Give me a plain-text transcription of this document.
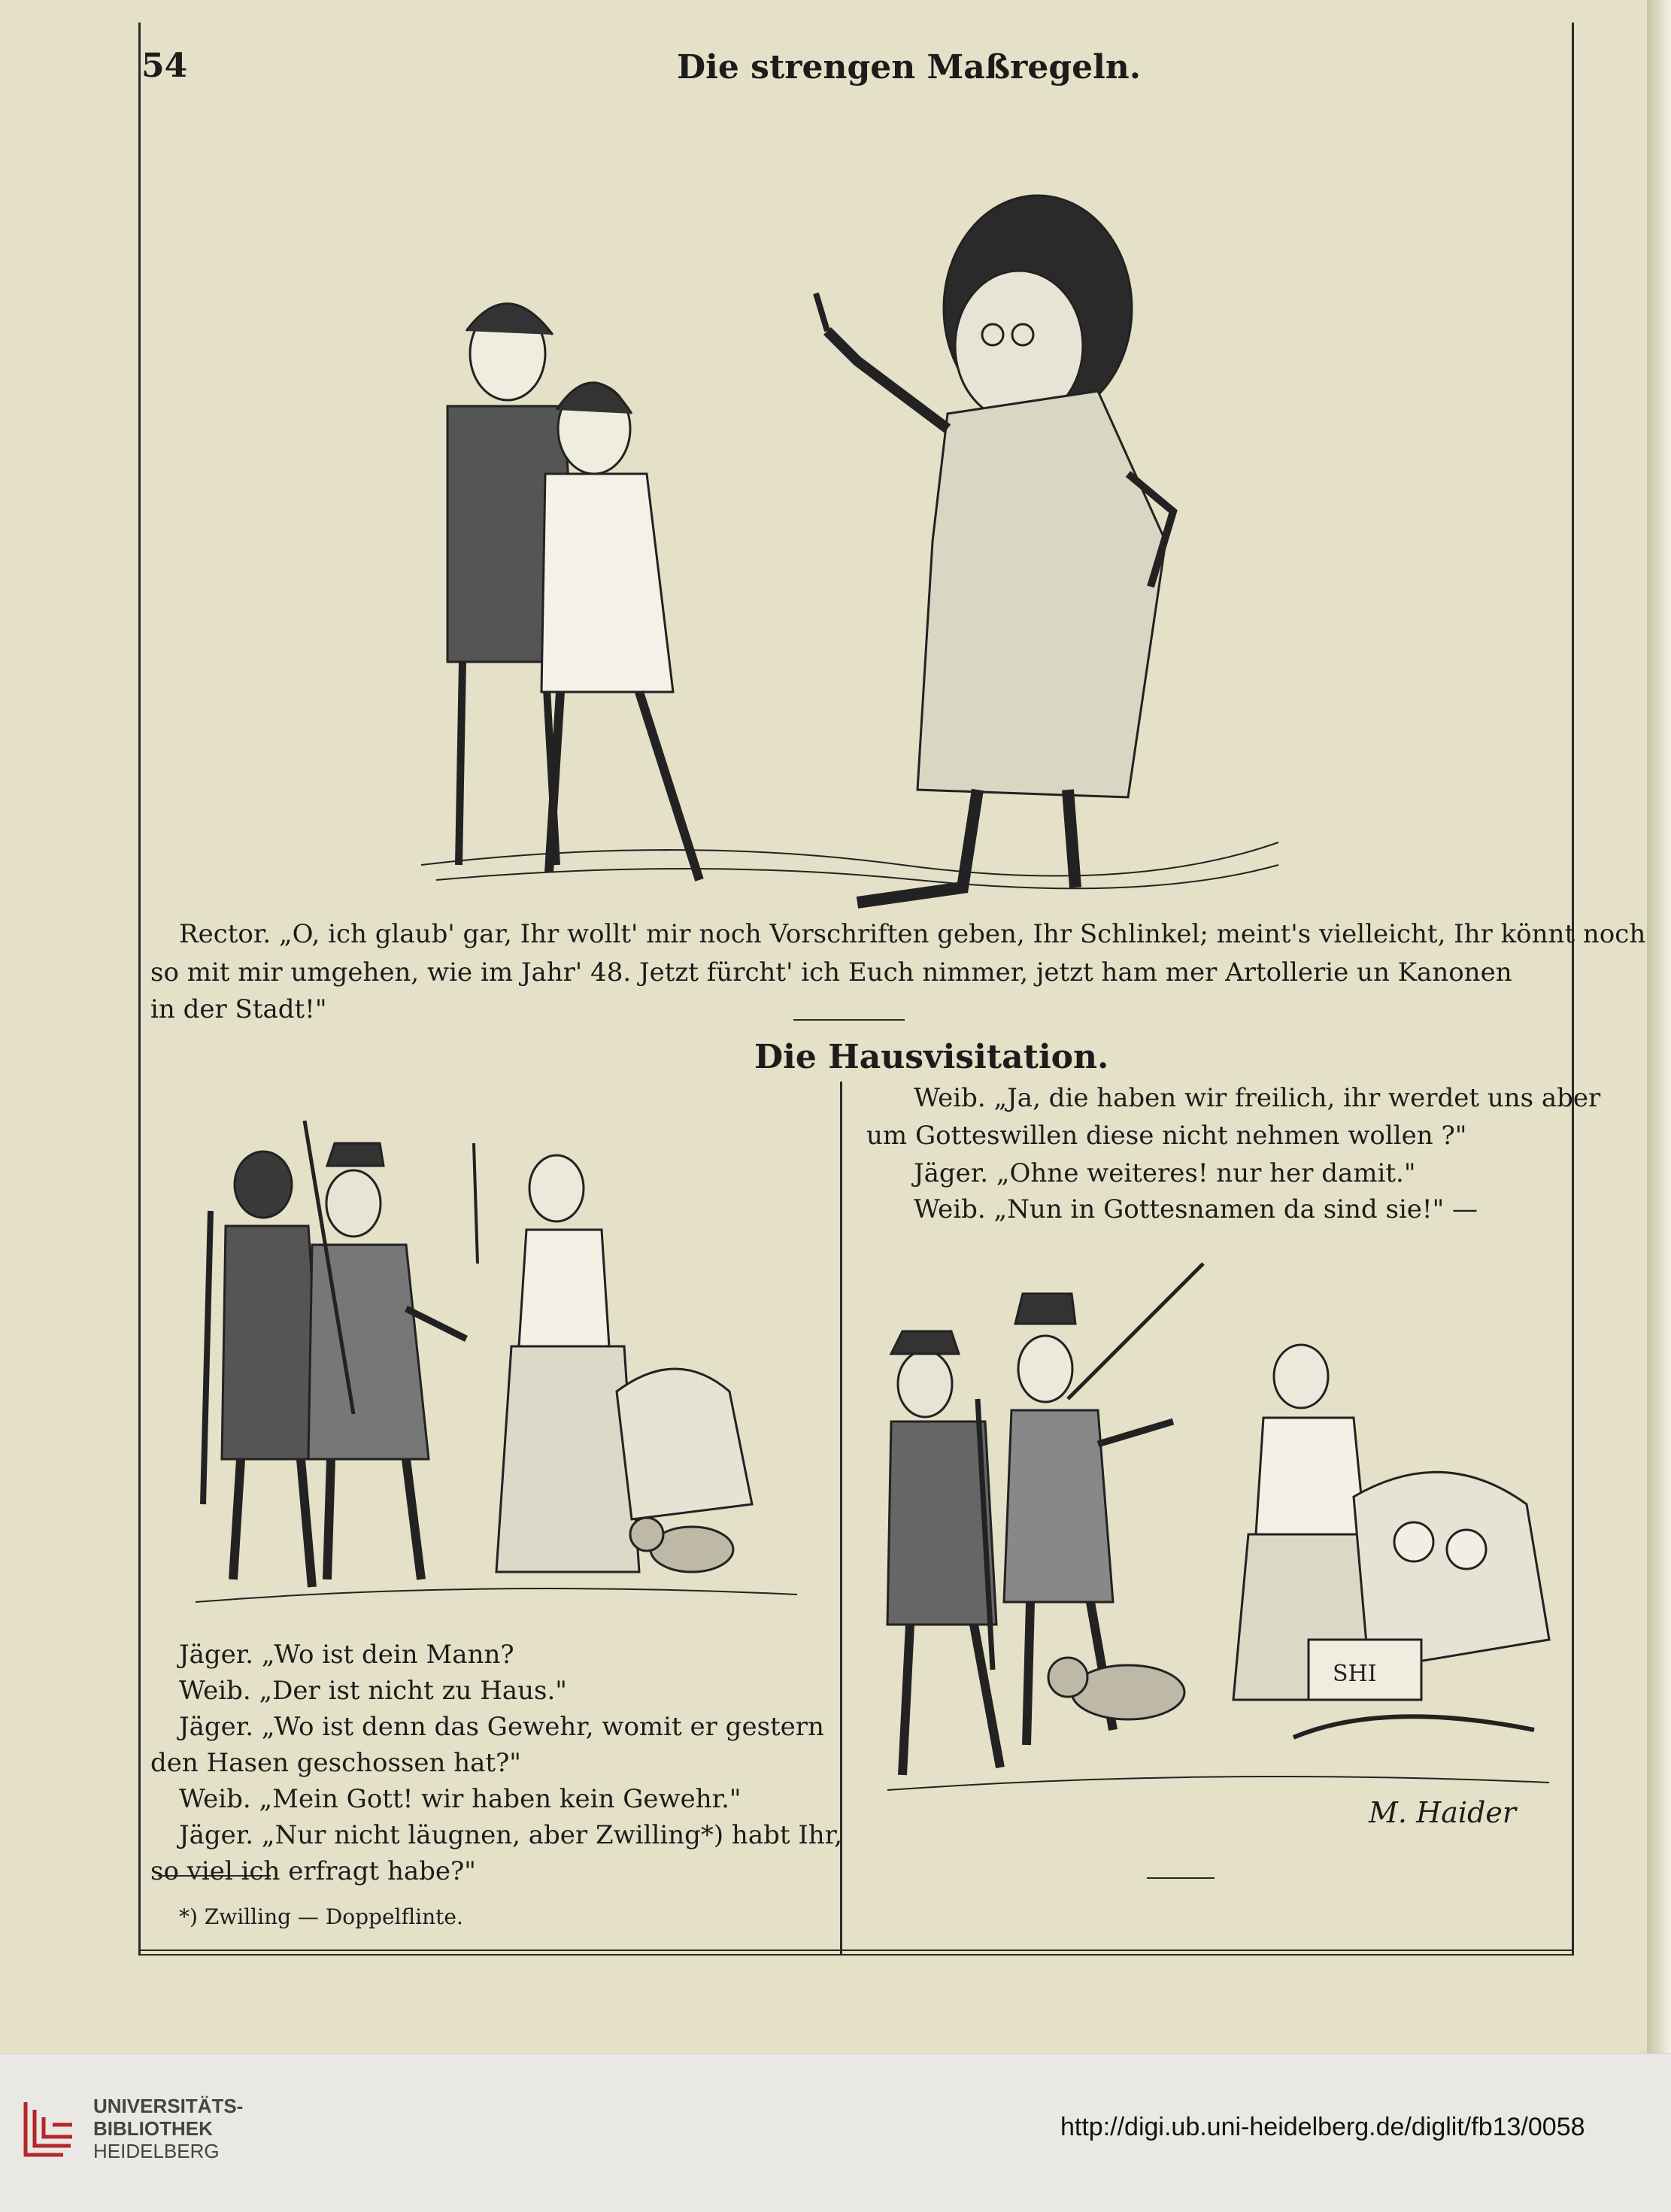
54	Die strengen Maßregeln.
Rector. „O, ich glaub' gar, Ihr wollt' mir noch Vorschriften geben, Ihr Schlinkel; meint's vielleicht, Ihr könnt noch
so mit mir umgehen, wie im Jahr' 48. Jetzt fürcht' ich Euch nimmer, jetzt ham mer Artollerie un Kanonen
in der Stadt!"
Die Hausvisitation.
Weib. „Ja, die haben wir freilich, ihr werdet uns aber
um Gotteswillen diese nicht nehmen wollen ?"
Jäger. „Ohne weiteres! nur her damit."
Weib. „Nun in Gottesnamen da sind sie!" —
SHI
M. Haider
Jäger. „Wo ist dein Mann?
Weib. „Der ist nicht zu Haus."
Jäger. „Wo ist denn das Gewehr, womit er gestern
den Hasen geschossen hat?"
Weib. „Mein Gott! wir haben kein Gewehr."
Jäger. „Nur nicht läugnen, aber Zwilling*) habt Ihr,
so viel ich erfragt habe?"
*) Zwilling — Doppelflinte.
UNIVERSITÄTS-
BIBLIOTHEK
HEIDELBERG
http://digi.ub.uni-heidelberg.de/diglit/fb13/0058
